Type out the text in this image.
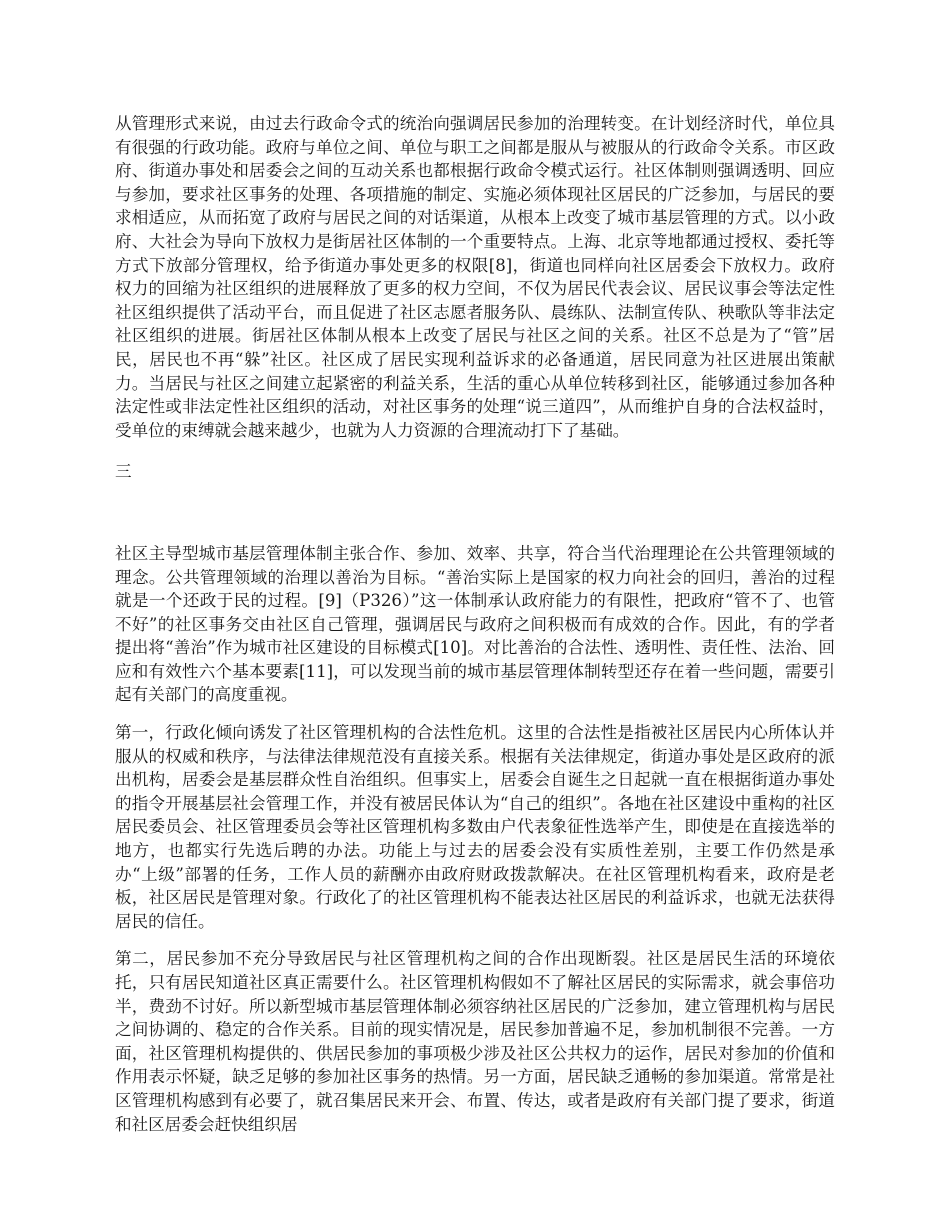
从管理形式来说，由过去行政命令式的统治向强调居民参加的治理转变。在计划经济时代，单位具有很强的行政功能。政府与单位之间、单位与职工之间都是服从与被服从的行政命令关系。市区政府、街道办事处和居委会之间的互动关系也都根据行政命令模式运行。社区体制则强调透明、回应与参加，要求社区事务的处理、各项措施的制定、实施必须体现社区居民的广泛参加，与居民的要求相适应，从而拓宽了政府与居民之间的对话渠道，从根本上改变了城市基层管理的方式。以小政府、大社会为导向下放权力是街居社区体制的一个重要特点。上海、北京等地都通过授权、委托等方式下放部分管理权，给予街道办事处更多的权限[8]，街道也同样向社区居委会下放权力。政府权力的回缩为社区组织的进展释放了更多的权力空间，不仅为居民代表会议、居民议事会等法定性社区组织提供了活动平台，而且促进了社区志愿者服务队、晨练队、法制宣传队、秧歌队等非法定社区组织的进展。街居社区体制从根本上改变了居民与社区之间的关系。社区不总是为了“管”居民，居民也不再“躲”社区。社区成了居民实现利益诉求的必备通道，居民同意为社区进展出策献力。当居民与社区之间建立起紧密的利益关系，生活的重心从单位转移到社区，能够通过参加各种法定性或非法定性社区组织的活动，对社区事务的处理“说三道四”，从而维护自身的合法权益时，受单位的束缚就会越来越少，也就为人力资源的合理流动打下了基础。

三

社区主导型城市基层管理体制主张合作、参加、效率、共享，符合当代治理理论在公共管理领域的理念。公共管理领域的治理以善治为目标。“善治实际上是国家的权力向社会的回归，善治的过程就是一个还政于民的过程。[9]（P326）”这一体制承认政府能力的有限性，把政府“管不了、也管不好”的社区事务交由社区自己管理，强调居民与政府之间积极而有成效的合作。因此，有的学者提出将“善治”作为城市社区建设的目标模式[10]。对比善治的合法性、透明性、责任性、法治、回应和有效性六个基本要素[11]，可以发现当前的城市基层管理体制转型还存在着一些问题，需要引起有关部门的高度重视。

第一，行政化倾向诱发了社区管理机构的合法性危机。这里的合法性是指被社区居民内心所体认并服从的权威和秩序，与法律法律规范没有直接关系。根据有关法律规定，街道办事处是区政府的派出机构，居委会是基层群众性自治组织。但事实上，居委会自诞生之日起就一直在根据街道办事处的指令开展基层社会管理工作，并没有被居民体认为“自己的组织”。各地在社区建设中重构的社区居民委员会、社区管理委员会等社区管理机构多数由户代表象征性选举产生，即使是在直接选举的地方，也都实行先选后聘的办法。功能上与过去的居委会没有实质性差别，主要工作仍然是承办“上级”部署的任务，工作人员的薪酬亦由政府财政拨款解决。在社区管理机构看来，政府是老板，社区居民是管理对象。行政化了的社区管理机构不能表达社区居民的利益诉求，也就无法获得居民的信任。

第二，居民参加不充分导致居民与社区管理机构之间的合作出现断裂。社区是居民生活的环境依托，只有居民知道社区真正需要什么。社区管理机构假如不了解社区居民的实际需求，就会事倍功半，费劲不讨好。所以新型城市基层管理体制必须容纳社区居民的广泛参加，建立管理机构与居民之间协调的、稳定的合作关系。目前的现实情况是，居民参加普遍不足，参加机制很不完善。一方面，社区管理机构提供的、供居民参加的事项极少涉及社区公共权力的运作，居民对参加的价值和作用表示怀疑，缺乏足够的参加社区事务的热情。另一方面，居民缺乏通畅的参加渠道。常常是社区管理机构感到有必要了，就召集居民来开会、布置、传达，或者是政府有关部门提了要求，街道和社区居委会赶快组织居
